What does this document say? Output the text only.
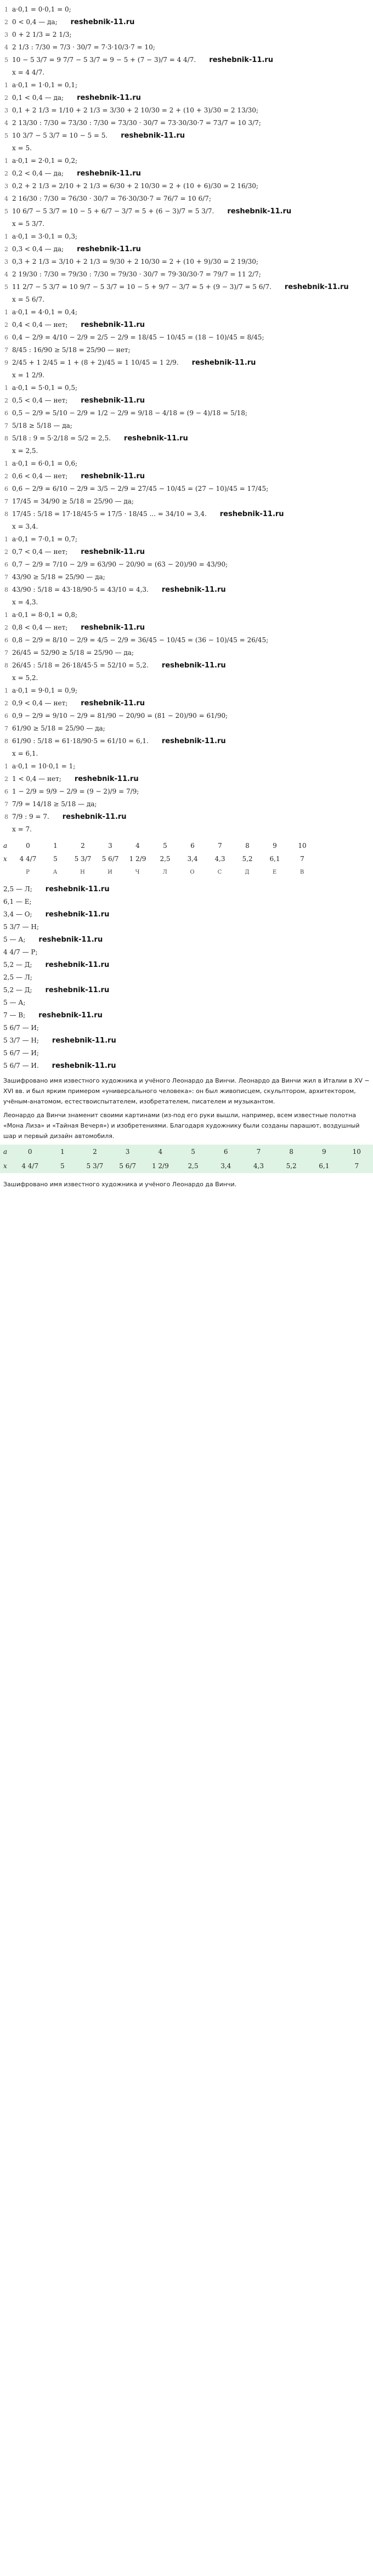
1 a·0,1 = 0·0,1 = 0;
2 0 < 0,4 — да; reshebnik-11.ru
3 0 + 2 1/3 = 2 1/3;
4 2 1/3 : 7/30 = 7/3 · 30/7 = 7·3·10/3·7 = 10;
5 10 − 5 3/7 = 9 7/7 − 5 3/7 = 9 − 5 + (7 − 3)/7 = 4 4/7. reshebnik-11.ru
x = 4 4/7.
1 a·0,1 = 1·0,1 = 0,1;
2 0,1 < 0,4 — да; reshebnik-11.ru
3 0,1 + 2 1/3 = 1/10 + 2 1/3 = 3/30 + 2 10/30 = 2 + (10 + 3)/30 = 2 13/30;
4 2 13/30 : 7/30 = 73/30 : 7/30 = 73/30 · 30/7 = 73·30/30·7 = 73/7 = 10 3/7;
5 10 3/7 − 5 3/7 = 10 − 5 = 5. reshebnik-11.ru
x = 5.
1 a·0,1 = 2·0,1 = 0,2;
2 0,2 < 0,4 — да; reshebnik-11.ru
3 0,2 + 2 1/3 = 2/10 + 2 1/3 = 6/30 + 2 10/30 = 2 + (10 + 6)/30 = 2 16/30;
4 2 16/30 : 7/30 = 76/30 · 30/7 = 76·30/30·7 = 76/7 = 10 6/7;
5 10 6/7 − 5 3/7 = 10 − 5 + 6/7 − 3/7 = 5 + (6 − 3)/7 = 5 3/7. reshebnik-11.ru
x = 5 3/7.
1 a·0,1 = 3·0,1 = 0,3;
2 0,3 < 0,4 — да; reshebnik-11.ru
3 0,3 + 2 1/3 = 3/10 + 2 1/3 = 9/30 + 2 10/30 = 2 + (10 + 9)/30 = 2 19/30;
4 2 19/30 : 7/30 = 79/30 : 7/30 = 79/30 · 30/7 = 79·30/30·7 = 79/7 = 11 2/7;
5 11 2/7 − 5 3/7 = 10 9/7 − 5 3/7 = 10 − 5 + 9/7 − 3/7 = 5 + (9 − 3)/7 = 5 6/7. reshebnik-11.ru
x = 5 6/7.
1 a·0,1 = 4·0,1 = 0,4;
2 0,4 < 0,4 — нет; reshebnik-11.ru
6 0,4 − 2/9 = 4/10 − 2/9 = 2/5 − 2/9 = 18/45 − 10/45 = (18 − 10)/45 = 8/45;
7 8/45 : 16/90 ≥ 5/18 = 25/90 — нет;
9 2/45 + 1 2/45 = 1 + (8 + 2)/45 = 1 10/45 = 1 2/9. reshebnik-11.ru
x = 1 2/9.
1 a·0,1 = 5·0,1 = 0,5;
2 0,5 < 0,4 — нет; reshebnik-11.ru
6 0,5 − 2/9 = 5/10 − 2/9 = 1/2 − 2/9 = 9/18 − 4/18 = (9 − 4)/18 = 5/18;
7 5/18 ≥ 5/18 — да;
8 5/18 : 9 = 5·2/18 = 5/2 = 2,5. reshebnik-11.ru
x = 2,5.
1 a·0,1 = 6·0,1 = 0,6;
2 0,6 < 0,4 — нет; reshebnik-11.ru
6 0,6 − 2/9 = 6/10 − 2/9 = 3/5 − 2/9 = 27/45 − 10/45 = (27 − 10)/45 = 17/45;
7 17/45 = 34/90 ≥ 5/18 = 25/90 — да;
8 17/45 : 5/18 = 17·18/45·5 = 17/5 · 18/45 ... = 34/10 = 3,4. reshebnik-11.ru
x = 3,4.
1 a·0,1 = 7·0,1 = 0,7;
2 0,7 < 0,4 — нет; reshebnik-11.ru
6 0,7 − 2/9 = 7/10 − 2/9 = 63/90 − 20/90 = (63 − 20)/90 = 43/90;
7 43/90 ≥ 5/18 = 25/90 — да;
8 43/90 : 5/18 = 43·18/90·5 = 43/10 = 4,3. reshebnik-11.ru
x = 4,3.
1 a·0,1 = 8·0,1 = 0,8;
2 0,8 < 0,4 — нет; reshebnik-11.ru
6 0,8 − 2/9 = 8/10 − 2/9 = 4/5 − 2/9 = 36/45 − 10/45 = (36 − 10)/45 = 26/45;
7 26/45 = 52/90 ≥ 5/18 = 25/90 — да;
8 26/45 : 5/18 = 26·18/45·5 = 52/10 = 5,2. reshebnik-11.ru
x = 5,2.
1 a·0,1 = 9·0,1 = 0,9;
2 0,9 < 0,4 — нет; reshebnik-11.ru
6 0,9 − 2/9 = 9/10 − 2/9 = 81/90 − 20/90 = (81 − 20)/90 = 61/90;
7 61/90 ≥ 5/18 = 25/90 — да;
8 61/90 : 5/18 = 61·18/90·5 = 61/10 = 6,1. reshebnik-11.ru
x = 6,1.
1 a·0,1 = 10·0,1 = 1;
2 1 < 0,4 — нет; reshebnik-11.ru
6 1 − 2/9 = 9/9 − 2/9 = (9 − 2)/9 = 7/9;
7 7/9 = 14/18 ≥ 5/18 — да;
8 7/9 : 9 = 7. reshebnik-11.ru
x = 7.
a	0	1	2	3	4	5	6	7	8	9	10
x	4 4/7	5	5 3/7	5 6/7	1 2/9	2,5	3,4	4,3	5,2	6,1	7
	Р	А	Н	И	Ч	Л	О	С	Д	Е	В
2,5 — Л; reshebnik-11.ru
6,1 — Е;
3,4 — О; reshebnik-11.ru
5 3/7 — Н;
5 — А; reshebnik-11.ru
4 4/7 — Р;
5,2 — Д; reshebnik-11.ru
2,5 — Л;
5,2 — Д; reshebnik-11.ru
5 — А;
7 — В; reshebnik-11.ru
5 6/7 — И;
5 3/7 — Н; reshebnik-11.ru
5 6/7 — И;
5 6/7 — И. reshebnik-11.ru
Зашифровано имя известного художника и учёного Леонардо да Винчи. Леонардо да Винчи жил в Италии в XV − XVI вв. и был ярким примером «универсального человека»: он был живописцем, скульптором, архитектором, учёным-анатомом, естествоиспытателем, изобретателем, писателем и музыкантом.
Леонардо да Винчи знаменит своими картинами (из-под его руки вышли, например, всем известные полотна «Мона Лиза» и «Тайная Вечеря») и изобретениями. Благодаря художнику были созданы парашют, воздушный шар и первый дизайн автомобиля.
a	0	1	2	3	4	5	6	7	8	9	10
x	4 4/7	5	5 3/7	5 6/7	1 2/9	2,5	3,4	4,3	5,2	6,1	7
Зашифровано имя известного художника и учёного Леонардо да Винчи.
